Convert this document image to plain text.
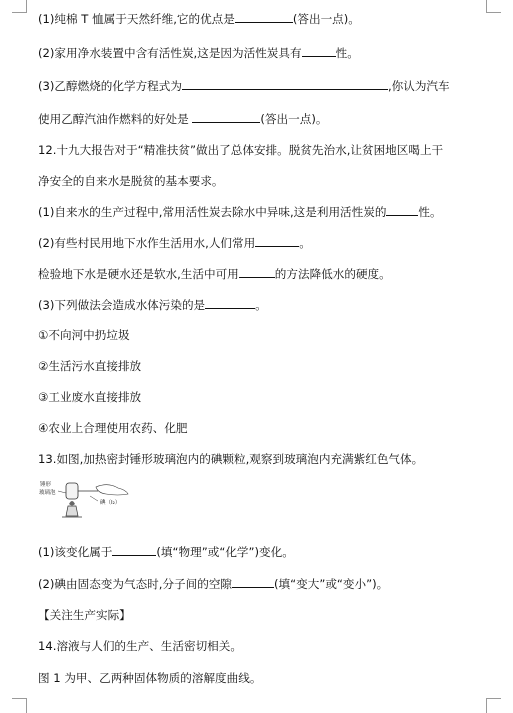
(1)纯棉 T 恤属于天然纤维,它的优点是	(答出一点)。
(2)家用净水装置中含有活性炭,这是因为活性炭具有	性。
(3)乙醇燃烧的化学方程式为	,你认为汽车
使用乙醇汽油作燃料的好处是	(答出一点)。
12.十九大报告对于“精准扶贫”做出了总体安排。脱贫先治水,让贫困地区喝上干
净安全的自来水是脱贫的基本要求。
(1)自来水的生产过程中,常用活性炭去除水中异味,这是利用活性炭的	性。
(2)有些村民用地下水作生活用水,人们常用	。
检验地下水是硬水还是软水,生活中可用	的方法降低水的硬度。
(3)下列做法会造成水体污染的是	。
①不向河中扔垃圾
②生活污水直接排放
③工业废水直接排放
④农业上合理使用农药、化肥
13.如图,加热密封锤形玻璃泡内的碘颗粒,观察到玻璃泡内充满紫红色气体。
锤形
玻璃泡
碘（I₂）
(1)该变化属于	(填“物理”或“化学”)变化。
(2)碘由固态变为气态时,分子间的空隙	(填“变大”或“变小”)。
【关注生产实际】
14.溶液与人们的生产、生活密切相关。
图 1 为甲、乙两种固体物质的溶解度曲线。
